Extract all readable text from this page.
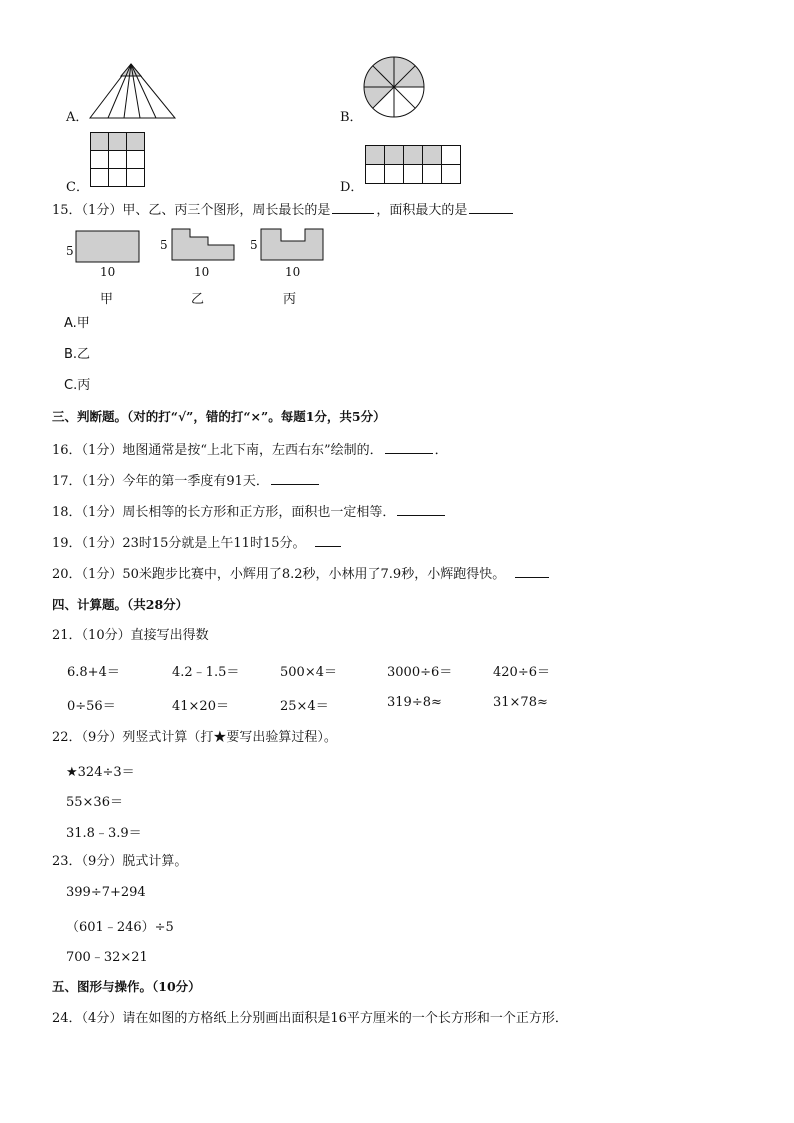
A．	B．
C．

			D．

15．（1分）甲、乙、丙三个图形，周长最长的是	，面积最大的是
5
10
甲
5
10
乙
5
10
丙
A.甲
B.乙
C.丙
三、判断题。（对的打“√”，错的打“×”。每题1分，共5分）
16．（1分）地图通常是按“上北下南，左西右东”绘制的．	．
17．（1分）今年的第一季度有91天．
18．（1分）周长相等的长方形和正方形，面积也一定相等．
19．（1分）23时15分就是上午11时15分。
20．（1分）50米跑步比赛中，小辉用了8.2秒，小林用了7.9秒，小辉跑得快。
四、计算题。（共28分）
21．（10分）直接写出得数
6.8+4＝	4.2﹣1.5＝	500×4＝	3000÷6＝	420÷6＝
0÷56＝	41×20＝	25×4＝	319÷8≈	31×78≈
22．（9分）列竖式计算（打★要写出验算过程）。
★324÷3＝
55×36＝
31.8﹣3.9＝
23．（9分）脱式计算。
399÷7+294
（601﹣246）÷5
700﹣32×21
五、图形与操作。（10分）
24．（4分）请在如图的方格纸上分别画出面积是16平方厘米的一个长方形和一个正方形．
